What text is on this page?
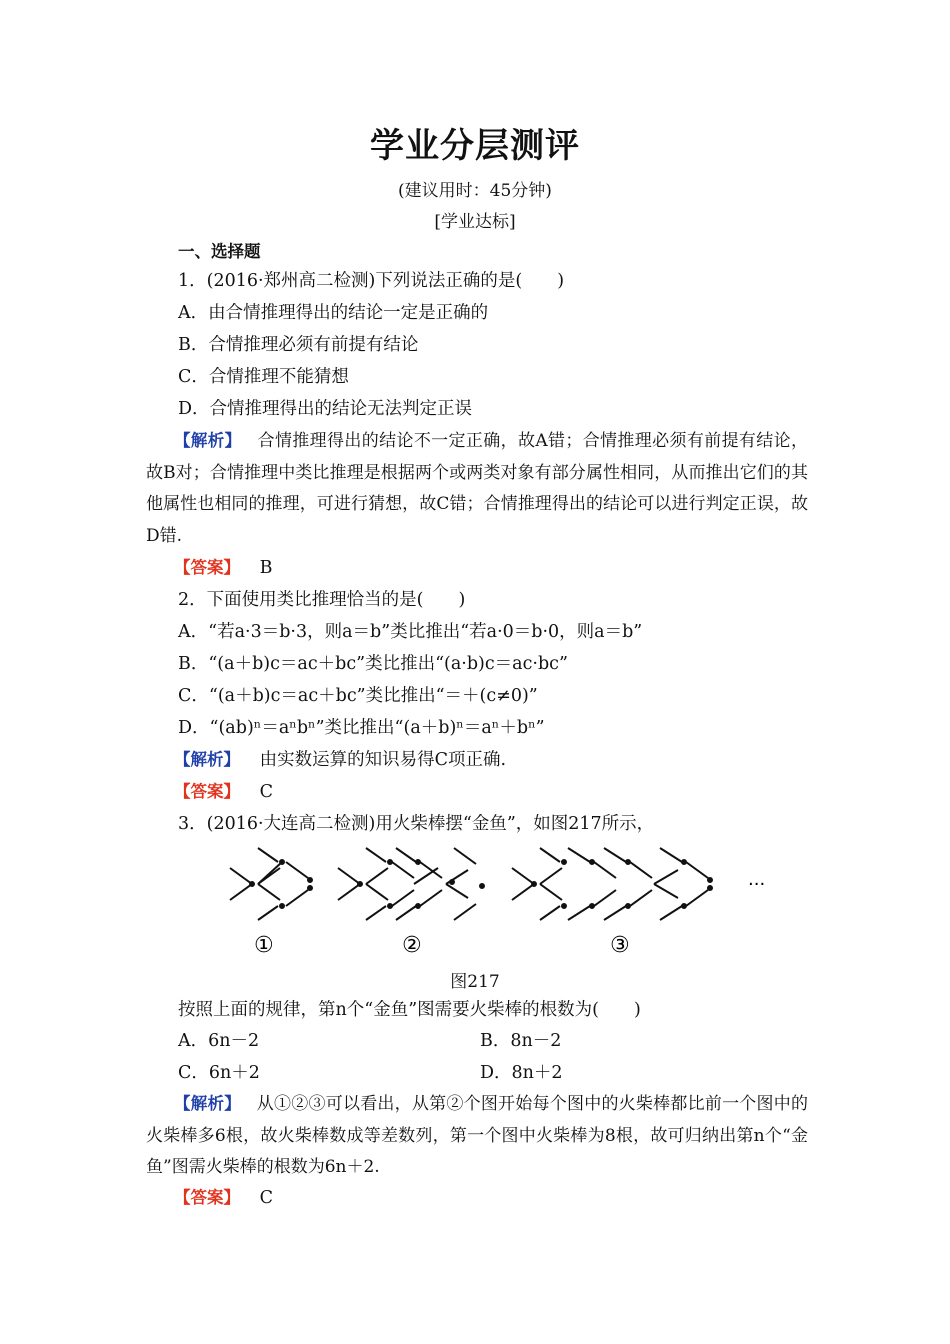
学业分层测评
(建议用时：45分钟)
[学业达标]
一、选择题
1．(2016·郑州高二检测)下列说法正确的是(　　)
A．由合情推理得出的结论一定是正确的
B．合情推理必须有前提有结论
C．合情推理不能猜想
D．合情推理得出的结论无法判定正误
【解析】 合情推理得出的结论不一定正确，故A错；合情推理必须有前提有结论，故B对；合情推理中类比推理是根据两个或两类对象有部分属性相同，从而推出它们的其他属性也相同的推理，可进行猜想，故C错；合情推理得出的结论可以进行判定正误，故D错.
【答案】 B
2．下面使用类比推理恰当的是(　　)
A．“若a·3＝b·3，则a＝b”类比推出“若a·0＝b·0，则a＝b”
B．“(a＋b)c＝ac＋bc”类比推出“(a·b)c＝ac·bc”
C．“(a＋b)c＝ac＋bc”类比推出“＝＋(c≠0)”
D．“(ab)ⁿ＝aⁿbⁿ”类比推出“(a＋b)ⁿ＝aⁿ＋bⁿ”
【解析】 由实数运算的知识易得C项正确.
【答案】 C
3．(2016·大连高二检测)用火柴棒摆“金鱼”，如图217所示，
···
①	②	③
图217
按照上面的规律，第n个“金鱼”图需要火柴棒的根数为(　　)
A．6n－2	B．8n－2
C．6n＋2	D．8n＋2
【解析】 从①②③可以看出，从第②个图开始每个图中的火柴棒都比前一个图中的火柴棒多6根，故火柴棒数成等差数列，第一个图中火柴棒为8根，故可归纳出第n个“金鱼”图需火柴棒的根数为6n＋2.
【答案】 C
